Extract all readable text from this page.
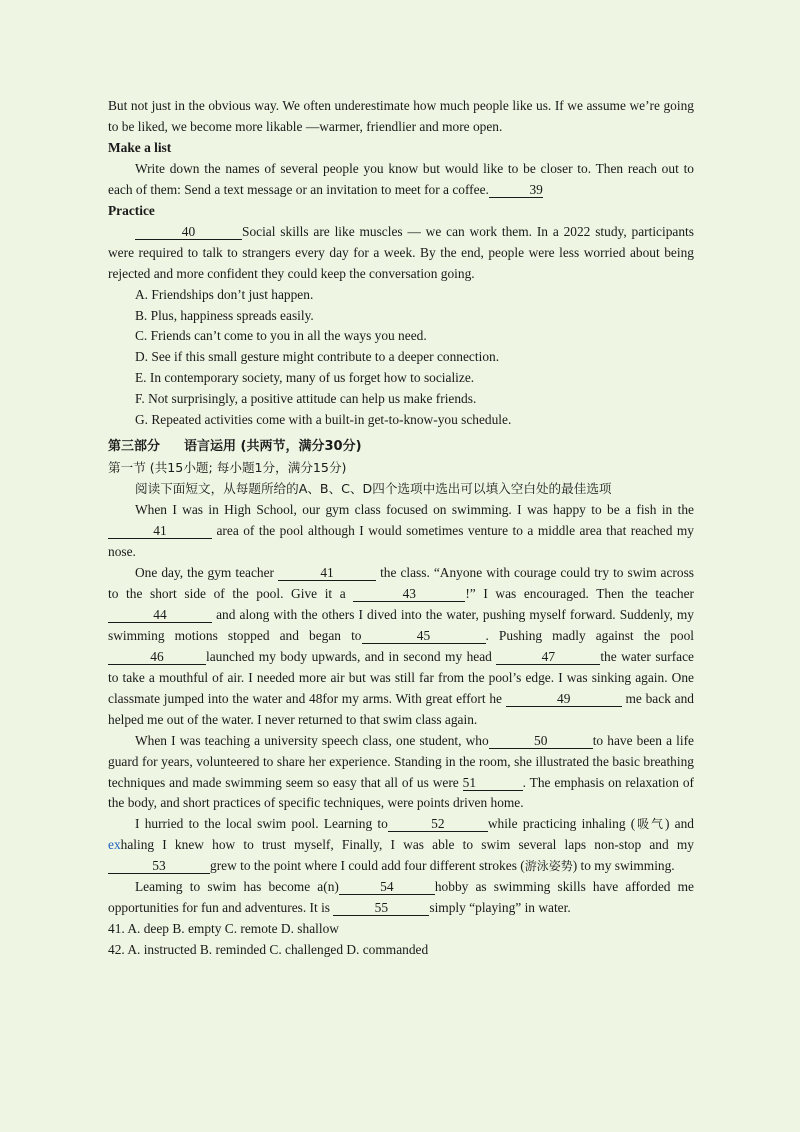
But not just in the obvious way. We often underestimate how much people like us. If we assume we’re going to be liked, we become more likable —warmer, friendlier and more open.

Make a list

Write down the names of several people you know but would like to be closer to. Then reach out to each of them: Send a text message or an invitation to meet for a coffee.	39

Practice

40	Social skills are like muscles — we can work them. In a 2022 study, participants were required to talk to strangers every day for a week. By the end, people were less worried about being rejected and more confident they could keep the conversation going.

A. Friendships don’t just happen.

B. Plus, happiness spreads easily.

C. Friends can’t come to you in all the ways you need.

D. See if this small gesture might contribute to a deeper connection.

E. In contemporary society, many of us forget how to socialize.

F. Not surprisingly, a positive attitude can help us make friends.

G. Repeated activities come with a built-in get-to-know-you schedule.

第三部分 语言运用 (共两节，满分30分)

第一节 (共15小题; 每小题1分，满分15分)

阅读下面短文，从每题所给的A、B、C、D四个选项中选出可以填入空白处的最佳选项

When I was in High School, our gym class focused on swimming. I was happy to be a fish in the 41	area of the pool although I would sometimes venture to a middle area that reached my nose.

One day, the gym teacher	41	the class. “Anyone with courage could try to swim across to the short side of the pool. Give it a	43	!” I was encouraged. Then the teacher 44	and along with the others I dived into the water, pushing myself forward. Suddenly, my swimming motions stopped and began to	45	. Pushing madly against the pool46	launched my body upwards, and in second my head	47	the water surface to take a mouthful of air. I needed more air but was still far from the pool’s edge. I was sinking again. One classmate jumped into the water and 48for my arms. With great effort he	49	me back and helped me out of the water. I never returned to that swim class again.

When I was teaching a university speech class, one student, who	50	to have been a life guard for years, volunteered to share her experience. Standing in the room, she illustrated the basic breathing techniques and made swimming seem so easy that all of us were 51	. The emphasis on relaxation of the body, and short practices of specific techniques, were points driven home.

I hurried to the local swim pool. Learning to	52	while practicing inhaling (吸气) and exhaling I knew how to trust myself, Finally, I was able to swim several laps non-stop and my 53	grew to the point where I could add four different strokes (游泳姿势) to my swimming.

Leaming to swim has become a(n)	54	hobby as swimming skills have afforded me opportunities for fun and adventures. It is	55	simply “playing” in water.

41. A. deep B. empty C. remote D. shallow

42. A. instructed B. reminded C. challenged D. commanded
